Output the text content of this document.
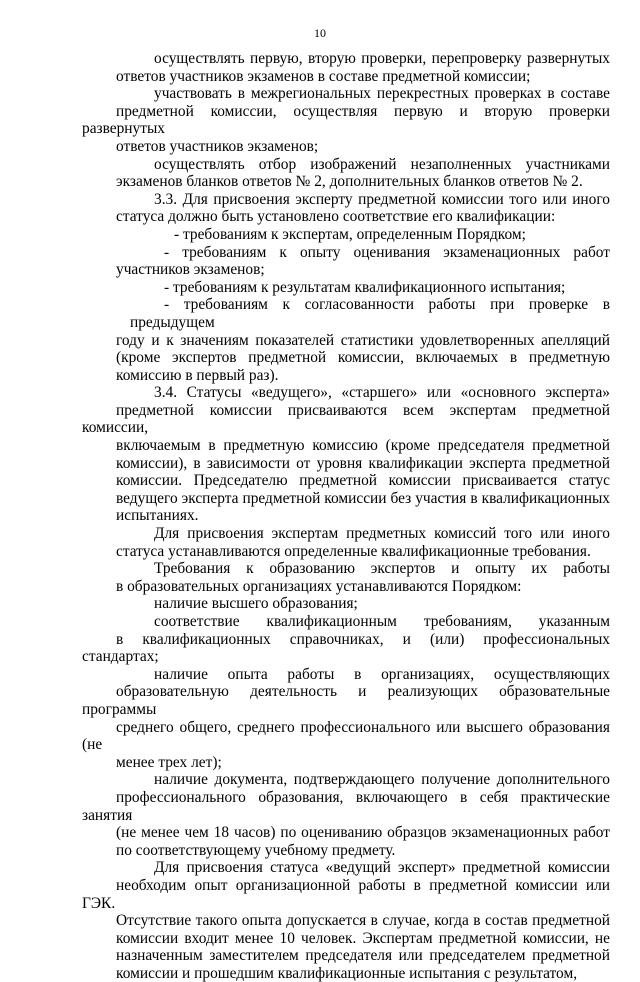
10
осуществлять первую, вторую проверки, перепроверку развернутых
ответов участников экзаменов в составе предметной комиссии;
участвовать в межрегиональных перекрестных проверках в составе
предметной комиссии, осуществляя первую и вторую проверки развернутых
ответов участников экзаменов;
осуществлять отбор изображений незаполненных участниками
экзаменов бланков ответов № 2, дополнительных бланков ответов № 2.
3.3. Для присвоения эксперту предметной комиссии того или иного
статуса должно быть установлено соответствие его квалификации:
- требованиям к экспертам, определенным Порядком;
- требованиям к опыту оценивания экзаменационных работ
участников экзаменов;
- требованиям к результатам квалификационного испытания;
- требованиям к согласованности работы при проверке в предыдущем
году и к значениям показателей статистики удовлетворенных апелляций
(кроме экспертов предметной комиссии, включаемых в предметную
комиссию в первый раз).
3.4. Статусы «ведущего», «старшего» или «основного эксперта»
предметной комиссии присваиваются всем экспертам предметной комиссии,
включаемым в предметную комиссию (кроме председателя предметной
комиссии), в зависимости от уровня квалификации эксперта предметной
комиссии. Председателю предметной комиссии присваивается статус
ведущего эксперта предметной комиссии без участия в квалификационных
испытаниях.
Для присвоения экспертам предметных комиссий того или иного
статуса устанавливаются определенные квалификационные требования.
Требования к образованию экспертов и опыту их работы
в образовательных организациях устанавливаются Порядком:
наличие высшего образования;
соответствие квалификационным требованиям, указанным
в квалификационных справочниках, и (или) профессиональных стандартах;
наличие опыта работы в организациях, осуществляющих
образовательную деятельность и реализующих образовательные программы
среднего общего, среднего профессионального или высшего образования (не
менее трех лет);
наличие документа, подтверждающего получение дополнительного
профессионального образования, включающего в себя практические занятия
(не менее чем 18 часов) по оцениванию образцов экзаменационных работ
по соответствующему учебному предмету.
Для присвоения статуса «ведущий эксперт» предметной комиссии
необходим опыт организационной работы в предметной комиссии или ГЭК.
Отсутствие такого опыта допускается в случае, когда в состав предметной
комиссии входит менее 10 человек. Экспертам предметной комиссии, не
назначенным заместителем председателя или председателем предметной
комиссии и прошедшим квалификационные испытания с результатом,
